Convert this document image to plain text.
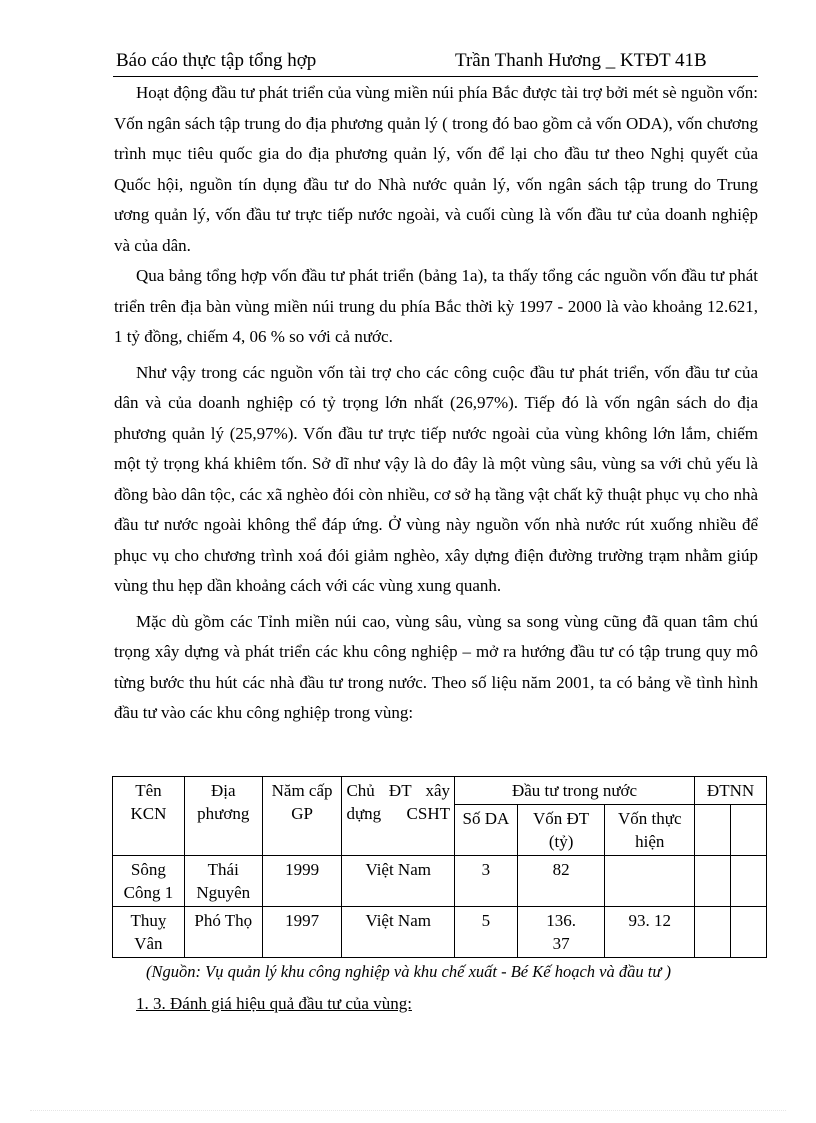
Báo cáo thực tập tổng hợp	Trần Thanh Hương _ KTĐT 41B

Hoạt động đầu tư phát triển của vùng miền núi phía Bắc được tài trợ bởi mét sè nguồn vốn: Vốn ngân sách tập trung do địa phương quản lý ( trong đó bao gồm cả vốn ODA), vốn chương trình mục tiêu quốc gia do địa phương quản lý, vốn để lại cho đầu tư theo Nghị quyết của Quốc hội, nguồn tín dụng đầu tư do Nhà nước quản lý, vốn ngân sách tập trung do Trung ương quản lý, vốn đầu tư trực tiếp nước ngoài, và cuối cùng là vốn đầu tư của doanh nghiệp và của dân.

Qua bảng tổng hợp vốn đầu tư phát triển (bảng 1a), ta thấy tổng các nguồn vốn đầu tư phát triển trên địa bàn vùng miền núi trung du phía Bắc thời kỳ 1997 - 2000 là vào khoảng 12.621, 1 tỷ đồng, chiếm 4, 06 % so với cả nước.

Như vậy trong các nguồn vốn tài trợ cho các công cuộc đầu tư phát triển, vốn đầu tư của dân và của doanh nghiệp có tỷ trọng lớn nhất (26,97%). Tiếp đó là vốn ngân sách do địa phương quản lý (25,97%). Vốn đầu tư trực tiếp nước ngoài của vùng không lớn lắm, chiếm một tỷ trọng khá khiêm tốn. Sở dĩ như vậy là do đây là một vùng sâu, vùng sa với chủ yếu là đồng bào dân tộc, các xã nghèo đói còn nhiều, cơ sở hạ tầng vật chất kỹ thuật phục vụ cho nhà đầu tư nước ngoài không thể đáp ứng. Ở vùng này nguồn vốn nhà nước rút xuống nhiều để phục vụ cho chương trình xoá đói giảm nghèo, xây dựng điện đường trường trạm nhằm giúp vùng thu hẹp dần khoảng cách với các vùng xung quanh.

Mặc dù gồm các Tỉnh miền núi cao, vùng sâu, vùng sa song vùng cũng đã quan tâm chú trọng xây dựng và phát triển các khu công nghiệp – mở ra hướng đầu tư có tập trung quy mô từng bước thu hút các nhà đầu tư trong nước. Theo số liệu năm 2001, ta có bảng về tình hình đầu tư vào các khu công nghiệp trong vùng:

Tên KCN	Địa phương	Năm cấp GP	Chủ ĐT xây dựng CSHT	Đầu tư trong nước			ĐTNN	
				Số DA	Vốn ĐT (tỷ)	Vốn thực hiện		
Sông Công 1	Thái Nguyên	1999	Việt Nam	3	82			
Thuỵ Vân	Phó Thọ	1997	Việt Nam	5	136. 37	93. 12		
(Nguồn: Vụ quản lý khu công nghiệp và khu chế xuất - Bé Kế hoạch và đầu tư )
1. 3. Đánh giá hiệu quả đầu tư của vùng:
